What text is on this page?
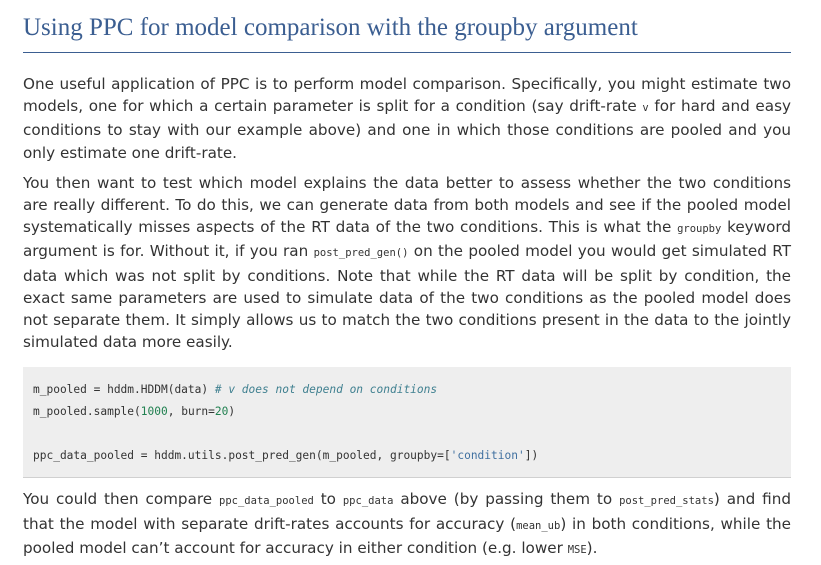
Using PPC for model comparison with the groupby argument

One useful application of PPC is to perform model comparison. Specifically, you might estimate two models, one for which a certain parameter is split for a condition (say drift-rate v for hard and easy conditions to stay with our example above) and one in which those conditions are pooled and you only estimate one drift-rate.

You then want to test which model explains the data better to assess whether the two conditions are really different. To do this, we can generate data from both models and see if the pooled model systematically misses aspects of the RT data of the two conditions. This is what the groupby keyword argument is for. Without it, if you ran post_pred_gen() on the pooled model you would get simulated RT data which was not split by conditions. Note that while the RT data will be split by condition, the exact same parameters are used to simulate data of the two conditions as the pooled model does not separate them. It simply allows us to match the two conditions present in the data to the jointly simulated data more easily.

m_pooled = hddm.HDDM(data) # v does not depend on conditions
m_pooled.sample(1000, burn=20)
ppc_data_pooled = hddm.utils.post_pred_gen(m_pooled, groupby=['condition'])

You could then compare ppc_data_pooled to ppc_data above (by passing them to post_pred_stats) and find that the model with separate drift-rates accounts for accuracy (mean_ub) in both conditions, while the pooled model can’t account for accuracy in either condition (e.g. lower MSE).
